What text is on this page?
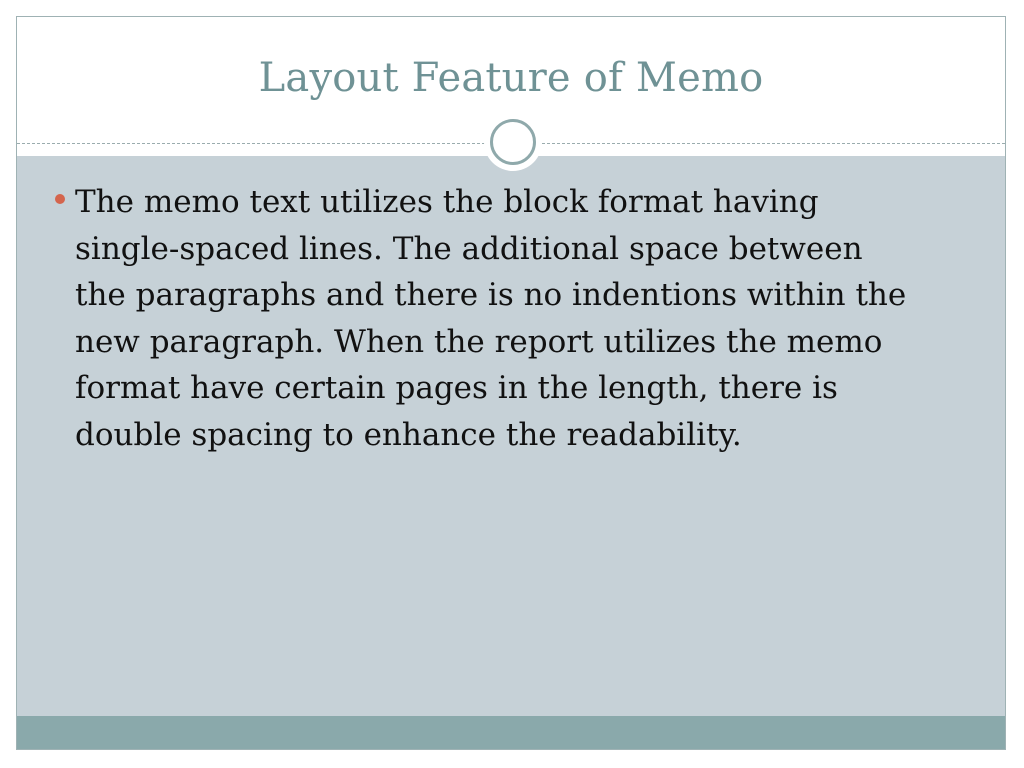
Layout Feature of Memo
The memo text utilizes the block format having
single-spaced lines. The additional space between
the paragraphs and there is no indentions within the
new paragraph. When the report utilizes the memo
format have certain pages in the length, there is
double spacing to enhance the readability.
